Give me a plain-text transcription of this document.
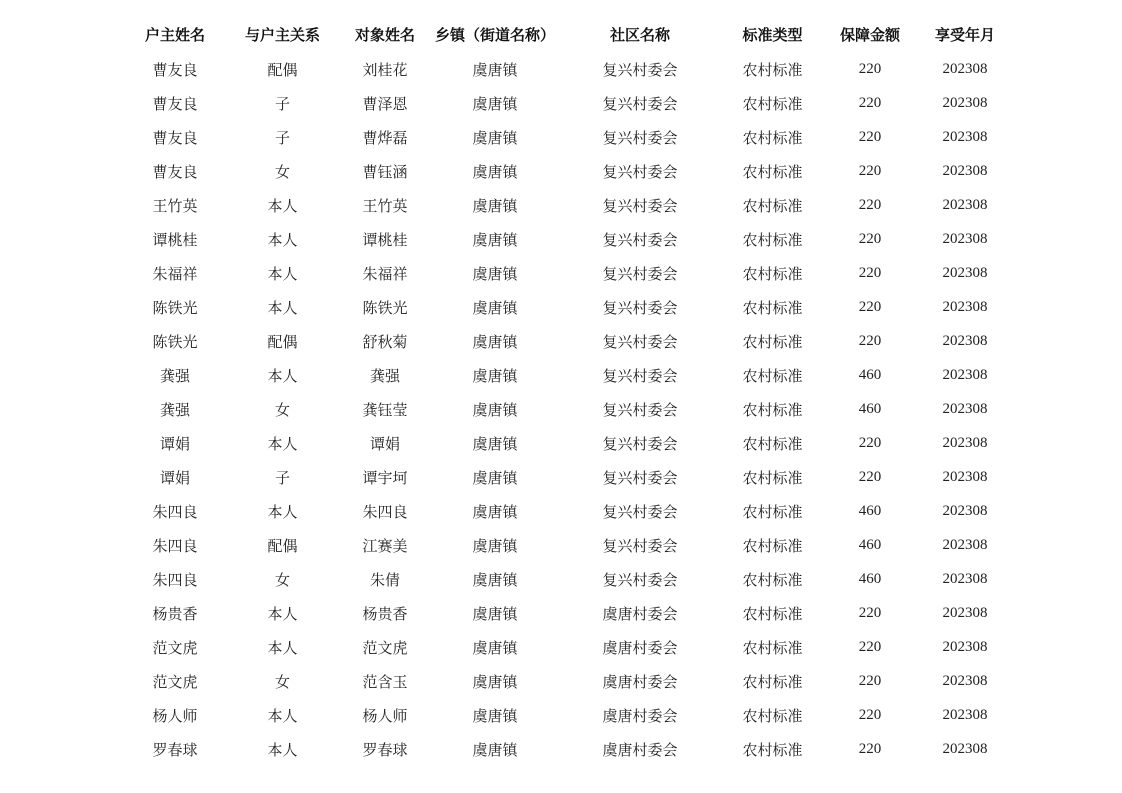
户主姓名	与户主关系	对象姓名	乡镇（街道名称）	社区名称	标准类型	保障金额	享受年月
曹友良	配偶	刘桂花	虞唐镇	复兴村委会	农村标准	220	202308
曹友良	子	曹泽恩	虞唐镇	复兴村委会	农村标准	220	202308
曹友良	子	曹烨磊	虞唐镇	复兴村委会	农村标准	220	202308
曹友良	女	曹钰涵	虞唐镇	复兴村委会	农村标准	220	202308
王竹英	本人	王竹英	虞唐镇	复兴村委会	农村标准	220	202308
谭桃桂	本人	谭桃桂	虞唐镇	复兴村委会	农村标准	220	202308
朱福祥	本人	朱福祥	虞唐镇	复兴村委会	农村标准	220	202308
陈铁光	本人	陈铁光	虞唐镇	复兴村委会	农村标准	220	202308
陈铁光	配偶	舒秋菊	虞唐镇	复兴村委会	农村标准	220	202308
龚强	本人	龚强	虞唐镇	复兴村委会	农村标准	460	202308
龚强	女	龚钰莹	虞唐镇	复兴村委会	农村标准	460	202308
谭娟	本人	谭娟	虞唐镇	复兴村委会	农村标准	220	202308
谭娟	子	谭宇坷	虞唐镇	复兴村委会	农村标准	220	202308
朱四良	本人	朱四良	虞唐镇	复兴村委会	农村标准	460	202308
朱四良	配偶	江赛美	虞唐镇	复兴村委会	农村标准	460	202308
朱四良	女	朱倩	虞唐镇	复兴村委会	农村标准	460	202308
杨贵香	本人	杨贵香	虞唐镇	虞唐村委会	农村标准	220	202308
范文虎	本人	范文虎	虞唐镇	虞唐村委会	农村标准	220	202308
范文虎	女	范含玉	虞唐镇	虞唐村委会	农村标准	220	202308
杨人师	本人	杨人师	虞唐镇	虞唐村委会	农村标准	220	202308
罗春球	本人	罗春球	虞唐镇	虞唐村委会	农村标准	220	202308
